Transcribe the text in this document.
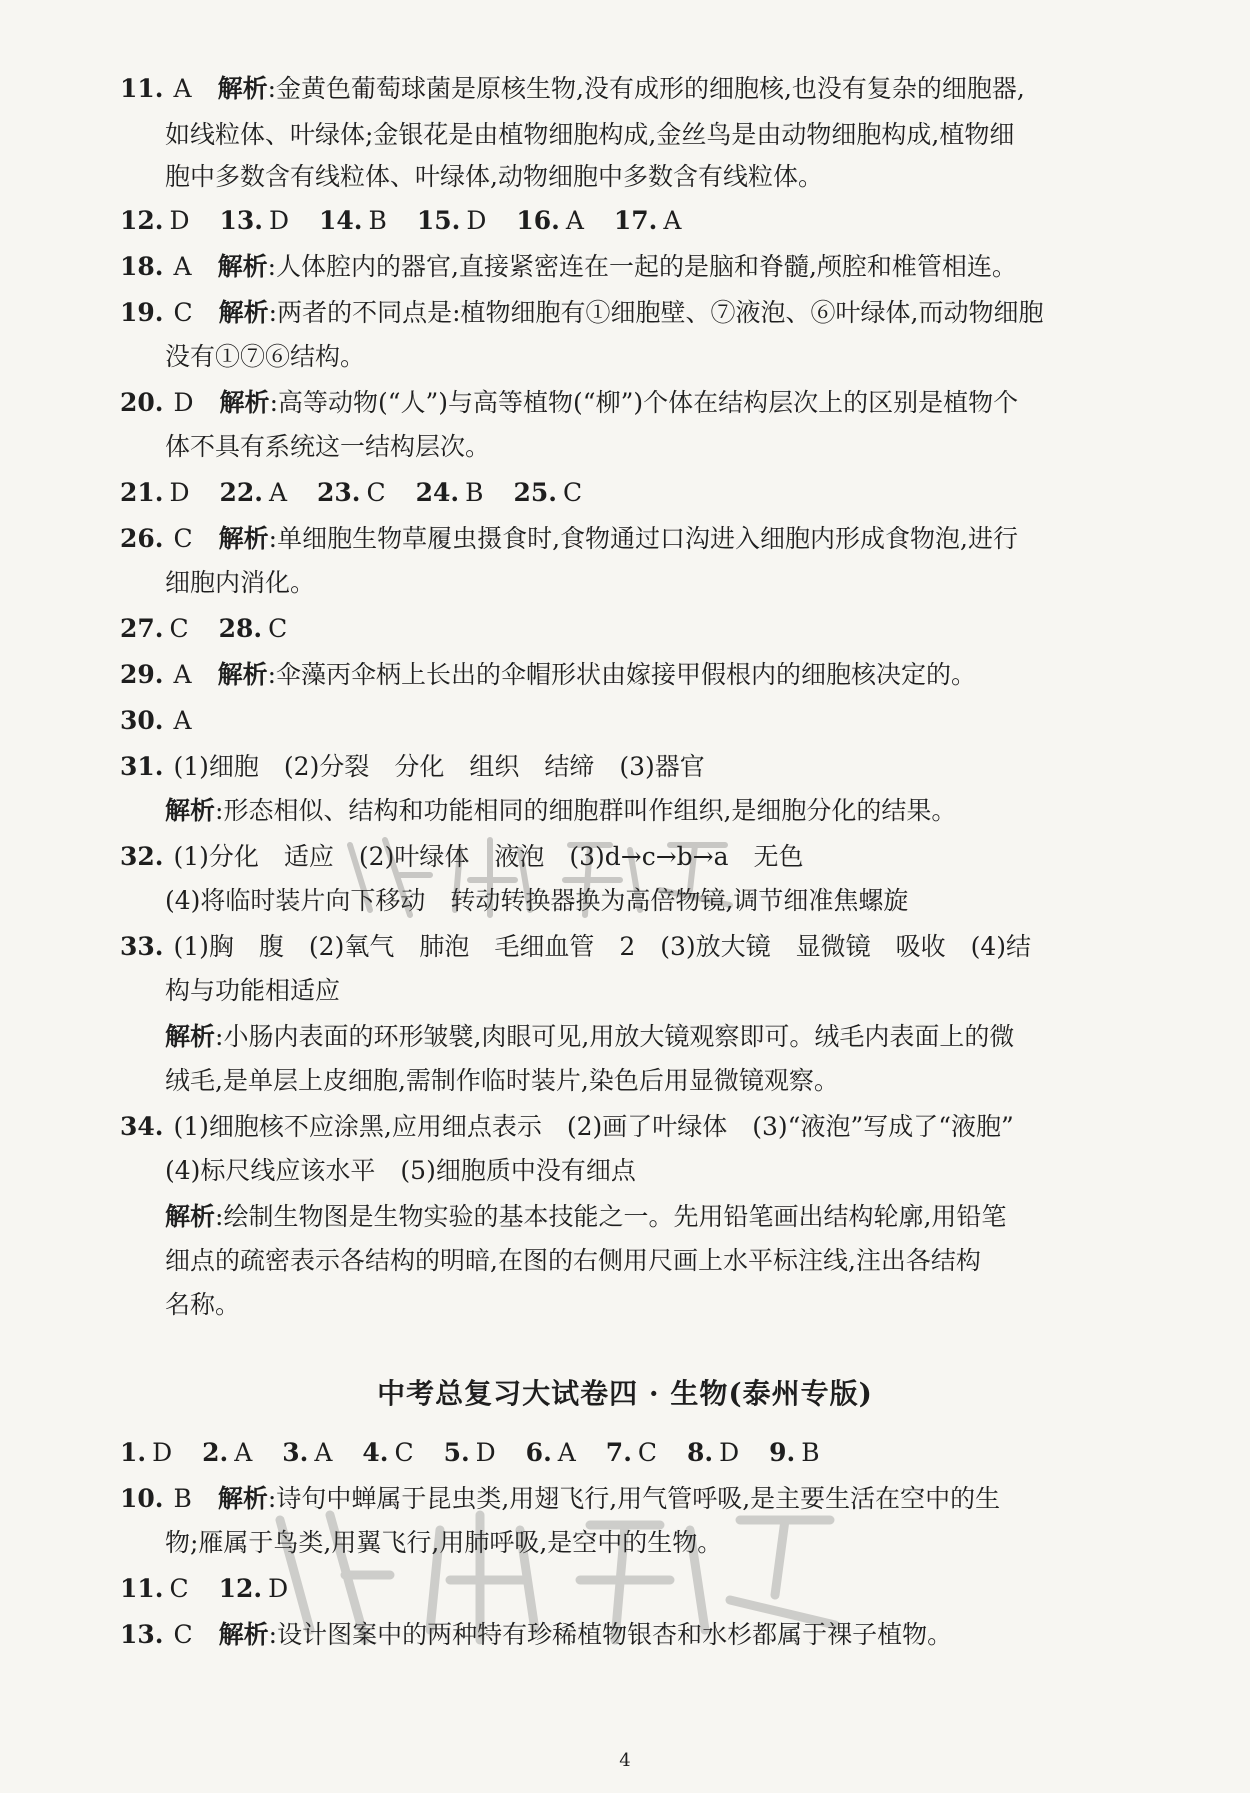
11. A 解析:金黄色葡萄球菌是原核生物,没有成形的细胞核,也没有复杂的细胞器,
如线粒体、叶绿体;金银花是由植物细胞构成,金丝鸟是由动物细胞构成,植物细
胞中多数含有线粒体、叶绿体,动物细胞中多数含有线粒体。
12. D 13. D 14. B 15. D 16. A 17. A
18. A 解析:人体腔内的器官,直接紧密连在一起的是脑和脊髓,颅腔和椎管相连。
19. C 解析:两者的不同点是:植物细胞有①细胞壁、⑦液泡、⑥叶绿体,而动物细胞
没有①⑦⑥结构。
20. D 解析:高等动物(“人”)与高等植物(“柳”)个体在结构层次上的区别是植物个
体不具有系统这一结构层次。
21. D 22. A 23. C 24. B 25. C
26. C 解析:单细胞生物草履虫摄食时,食物通过口沟进入细胞内形成食物泡,进行
细胞内消化。
27. C 28. C
29. A 解析:伞藻丙伞柄上长出的伞帽形状由嫁接甲假根内的细胞核决定的。
30. A
31. (1)细胞　(2)分裂　分化　组织　结缔　(3)器官
解析:形态相似、结构和功能相同的细胞群叫作组织,是细胞分化的结果。
32. (1)分化　适应　(2)叶绿体　液泡　(3)d→c→b→a　无色
(4)将临时装片向下移动　转动转换器换为高倍物镜,调节细准焦螺旋
33. (1)胸　腹　(2)氧气　肺泡　毛细血管　2　(3)放大镜　显微镜　吸收　(4)结
构与功能相适应
解析:小肠内表面的环形皱襞,肉眼可见,用放大镜观察即可。绒毛内表面上的微
绒毛,是单层上皮细胞,需制作临时装片,染色后用显微镜观察。
34. (1)细胞核不应涂黑,应用细点表示　(2)画了叶绿体　(3)“液泡”写成了“液胞”
(4)标尺线应该水平　(5)细胞质中没有细点
解析:绘制生物图是生物实验的基本技能之一。先用铅笔画出结构轮廓,用铅笔
细点的疏密表示各结构的明暗,在图的右侧用尺画上水平标注线,注出各结构
名称。
中考总复习大试卷四 · 生物(泰州专版)
1. D 2. A 3. A 4. C 5. D 6. A 7. C 8. D 9. B
10. B 解析:诗句中蝉属于昆虫类,用翅飞行,用气管呼吸,是主要生活在空中的生
物;雁属于鸟类,用翼飞行,用肺呼吸,是空中的生物。
11. C 12. D
13. C 解析:设计图案中的两种特有珍稀植物银杏和水杉都属于裸子植物。
4
